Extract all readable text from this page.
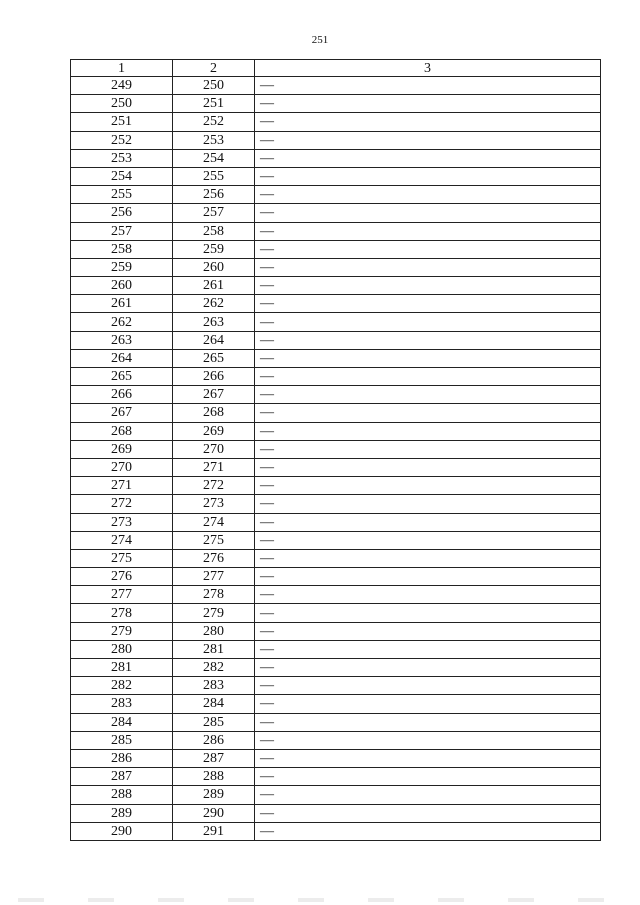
251
1	2	3
249	250	—
250	251	—
251	252	—
252	253	—
253	254	—
254	255	—
255	256	—
256	257	—
257	258	—
258	259	—
259	260	—
260	261	—
261	262	—
262	263	—
263	264	—
264	265	—
265	266	—
266	267	—
267	268	—
268	269	—
269	270	—
270	271	—
271	272	—
272	273	—
273	274	—
274	275	—
275	276	—
276	277	—
277	278	—
278	279	—
279	280	—
280	281	—
281	282	—
282	283	—
283	284	—
284	285	—
285	286	—
286	287	—
287	288	—
288	289	—
289	290	—
290	291	—
